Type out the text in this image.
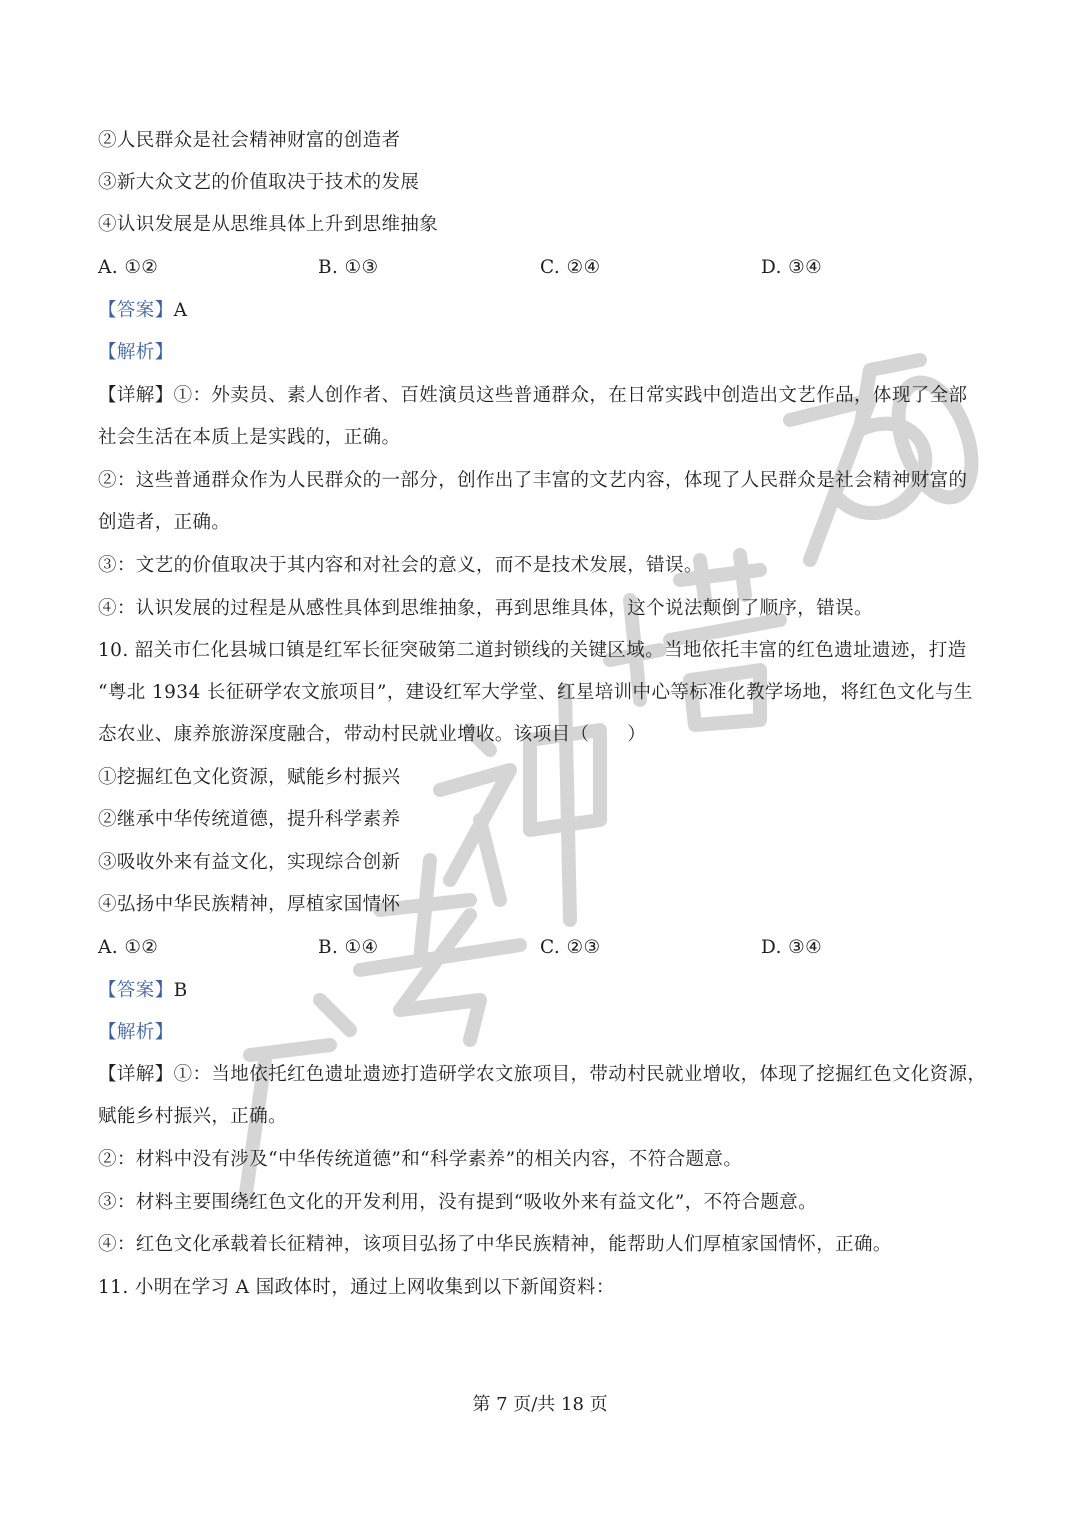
②人民群众是社会精神财富的创造者
③新大众文艺的价值取决于技术的发展
④认识发展是从思维具体上升到思维抽象
A. ①②	B. ①③	C. ②④	D. ③④
【答案】A
【解析】
【详解】①：外卖员、素人创作者、百姓演员这些普通群众，在日常实践中创造出文艺作品，体现了全部
社会生活在本质上是实践的，正确。
②：这些普通群众作为人民群众的一部分，创作出了丰富的文艺内容，体现了人民群众是社会精神财富的
创造者，正确。
③：文艺的价值取决于其内容和对社会的意义，而不是技术发展，错误。
④：认识发展的过程是从感性具体到思维抽象，再到思维具体，这个说法颠倒了顺序，错误。
10. 韶关市仁化县城口镇是红军长征突破第二道封锁线的关键区域。当地依托丰富的红色遗址遗迹，打造
“粤北 1934 长征研学农文旅项目”，建设红军大学堂、红星培训中心等标准化教学场地，将红色文化与生
态农业、康养旅游深度融合，带动村民就业增收。该项目（　　）
①挖掘红色文化资源，赋能乡村振兴
②继承中华传统道德，提升科学素养
③吸收外来有益文化，实现综合创新
④弘扬中华民族精神，厚植家国情怀
A. ①②	B. ①④	C. ②③	D. ③④
【答案】B
【解析】
【详解】①：当地依托红色遗址遗迹打造研学农文旅项目，带动村民就业增收，体现了挖掘红色文化资源，
赋能乡村振兴，正确。
②：材料中没有涉及“中华传统道德”和“科学素养”的相关内容，不符合题意。
③：材料主要围绕红色文化的开发利用，没有提到“吸收外来有益文化”，不符合题意。
④：红色文化承载着长征精神，该项目弘扬了中华民族精神，能帮助人们厚植家国情怀，正确。
11. 小明在学习 A 国政体时，通过上网收集到以下新闻资料：
第 7 页/共 18 页
